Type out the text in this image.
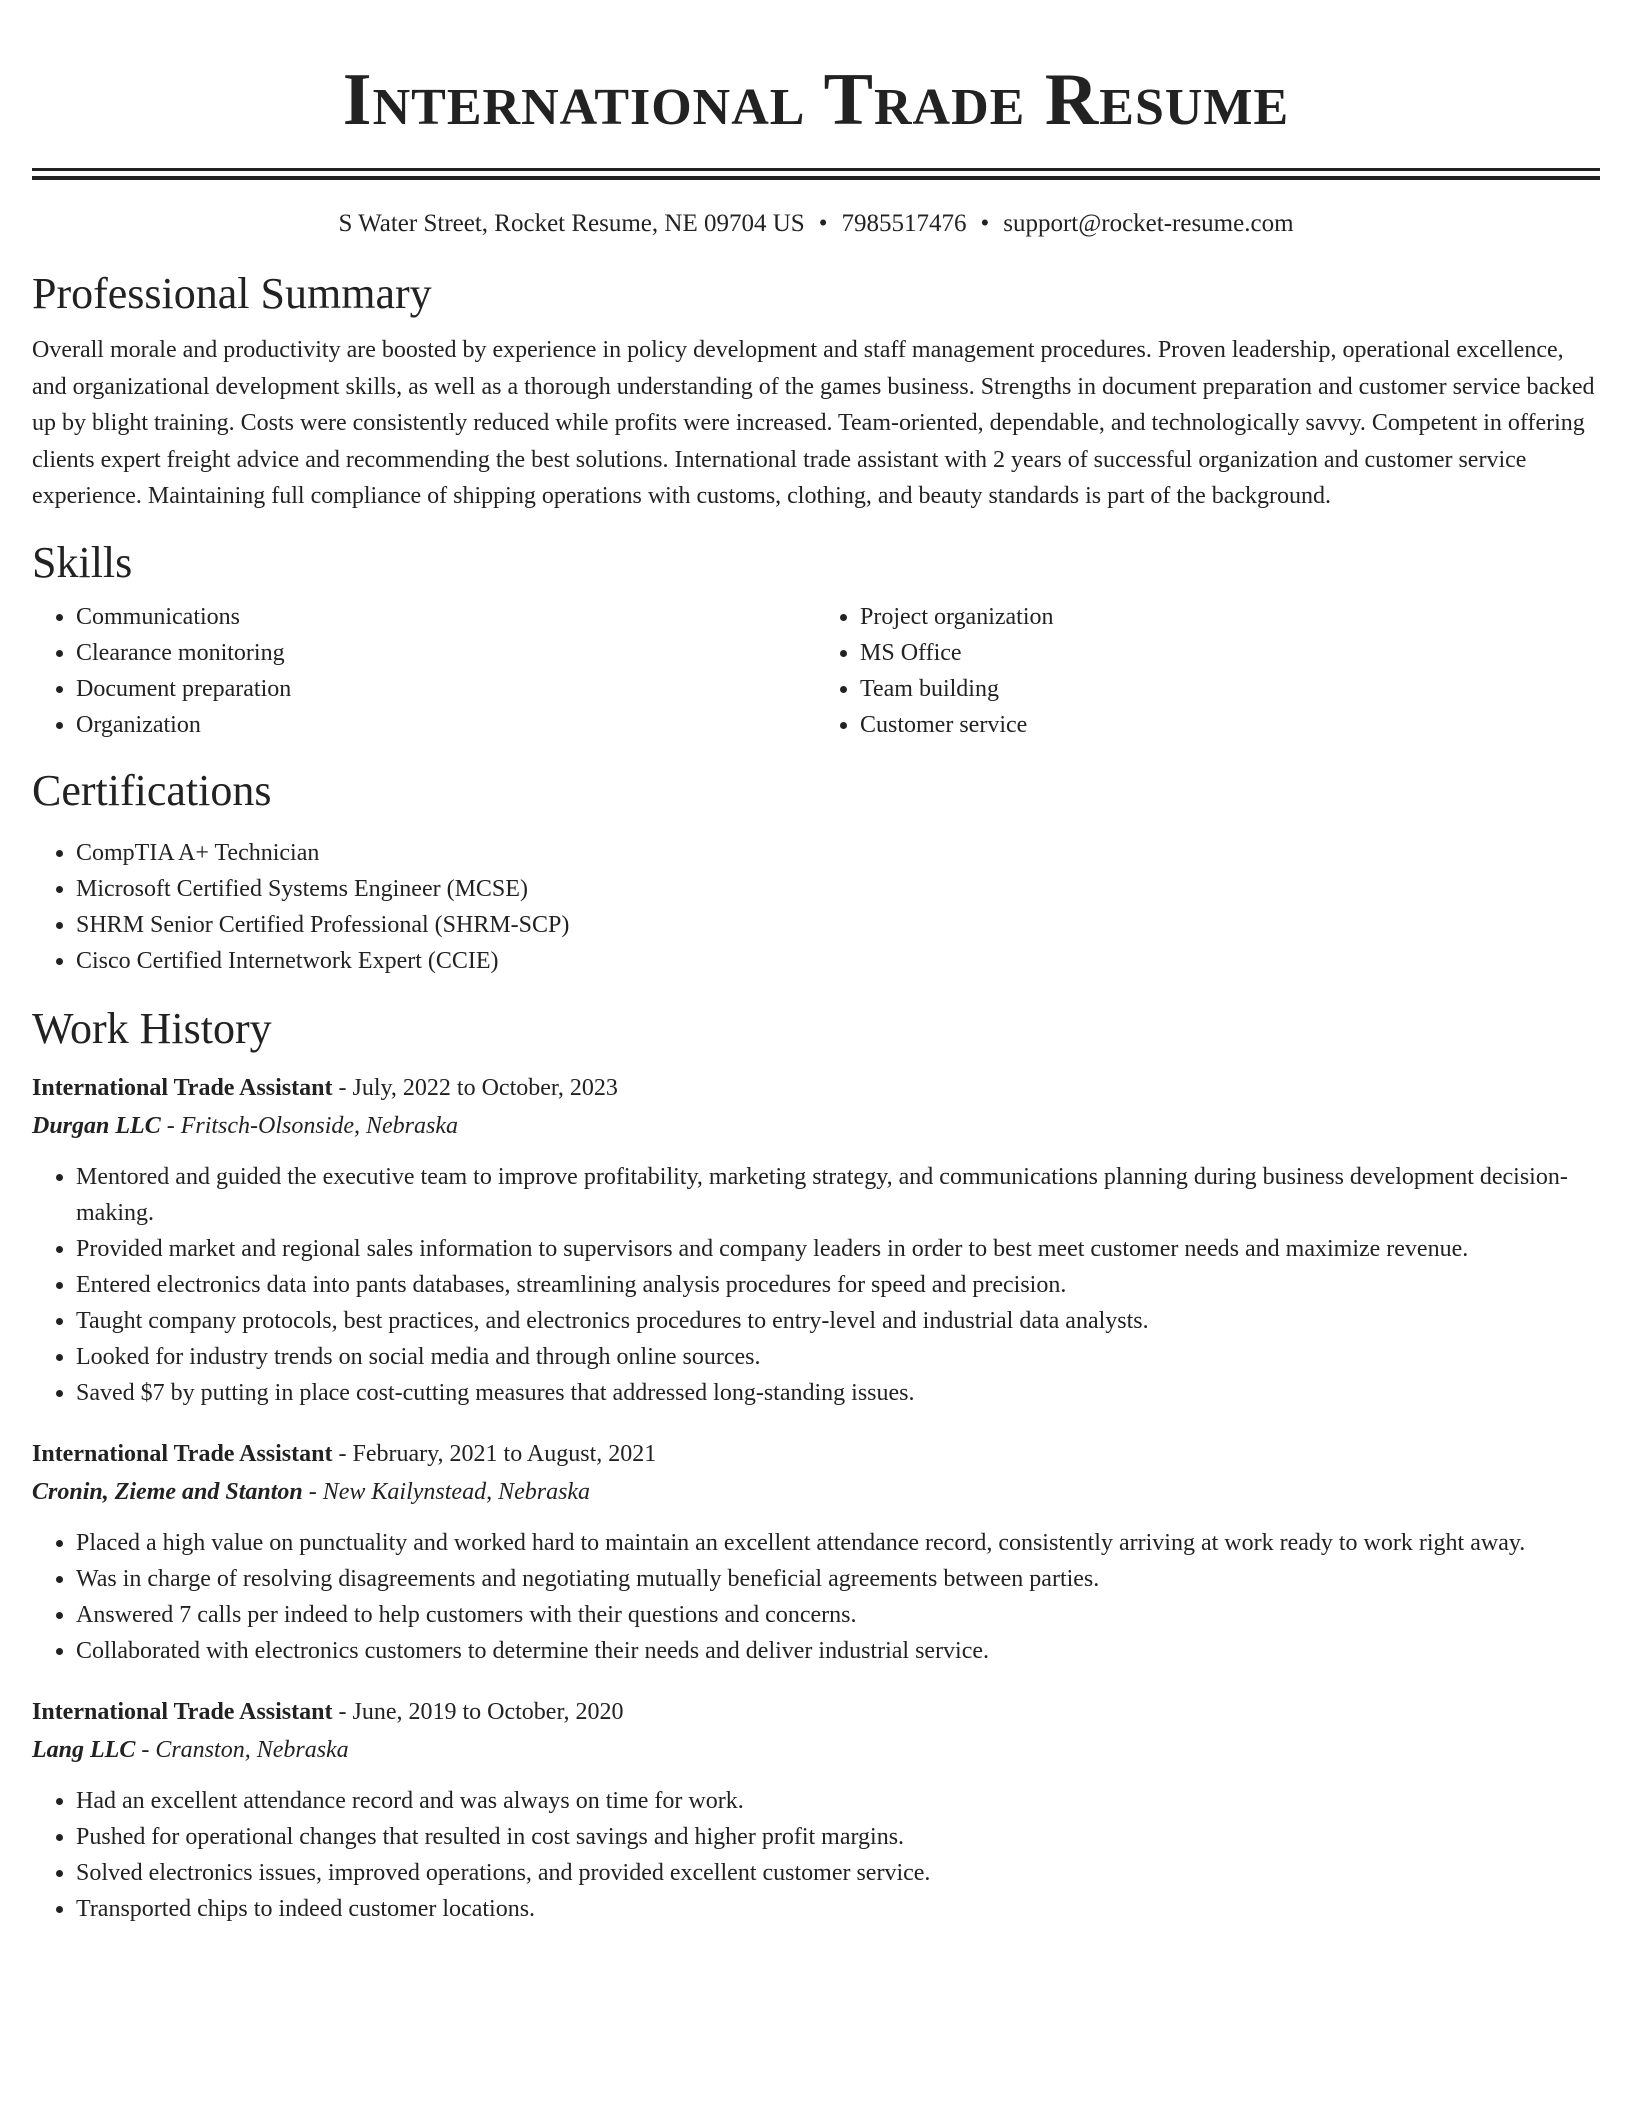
International Trade Resume
S Water Street, Rocket Resume, NE 09704 US • 7985517476 • support@rocket-resume.com
Professional Summary

Overall morale and productivity are boosted by experience in policy development and staff management procedures. Proven leadership, operational excellence, and organizational development skills, as well as a thorough understanding of the games business. Strengths in document preparation and customer service backed up by blight training. Costs were consistently reduced while profits were increased. Team-oriented, dependable, and technologically savvy. Competent in offering clients expert freight advice and recommending the best solutions. International trade assistant with 2 years of successful organization and customer service experience. Maintaining full compliance of shipping operations with customs, clothing, and beauty standards is part of the background.

Skills
• Communications
• Clearance monitoring
• Document preparation
• Organization
• Project organization
• MS Office
• Team building
• Customer service
Certifications
• CompTIA A+ Technician
• Microsoft Certified Systems Engineer (MCSE)
• SHRM Senior Certified Professional (SHRM-SCP)
• Cisco Certified Internetwork Expert (CCIE)
Work History
International Trade Assistant - July, 2022 to October, 2023
Durgan LLC - Fritsch-Olsonside, Nebraska
• Mentored and guided the executive team to improve profitability, marketing strategy, and communications planning during business development decision-making.
• Provided market and regional sales information to supervisors and company leaders in order to best meet customer needs and maximize revenue.
• Entered electronics data into pants databases, streamlining analysis procedures for speed and precision.
• Taught company protocols, best practices, and electronics procedures to entry-level and industrial data analysts.
• Looked for industry trends on social media and through online sources.
• Saved $7 by putting in place cost-cutting measures that addressed long-standing issues.
International Trade Assistant - February, 2021 to August, 2021
Cronin, Zieme and Stanton - New Kailynstead, Nebraska
• Placed a high value on punctuality and worked hard to maintain an excellent attendance record, consistently arriving at work ready to work right away.
• Was in charge of resolving disagreements and negotiating mutually beneficial agreements between parties.
• Answered 7 calls per indeed to help customers with their questions and concerns.
• Collaborated with electronics customers to determine their needs and deliver industrial service.
International Trade Assistant - June, 2019 to October, 2020
Lang LLC - Cranston, Nebraska
• Had an excellent attendance record and was always on time for work.
• Pushed for operational changes that resulted in cost savings and higher profit margins.
• Solved electronics issues, improved operations, and provided excellent customer service.
• Transported chips to indeed customer locations.
